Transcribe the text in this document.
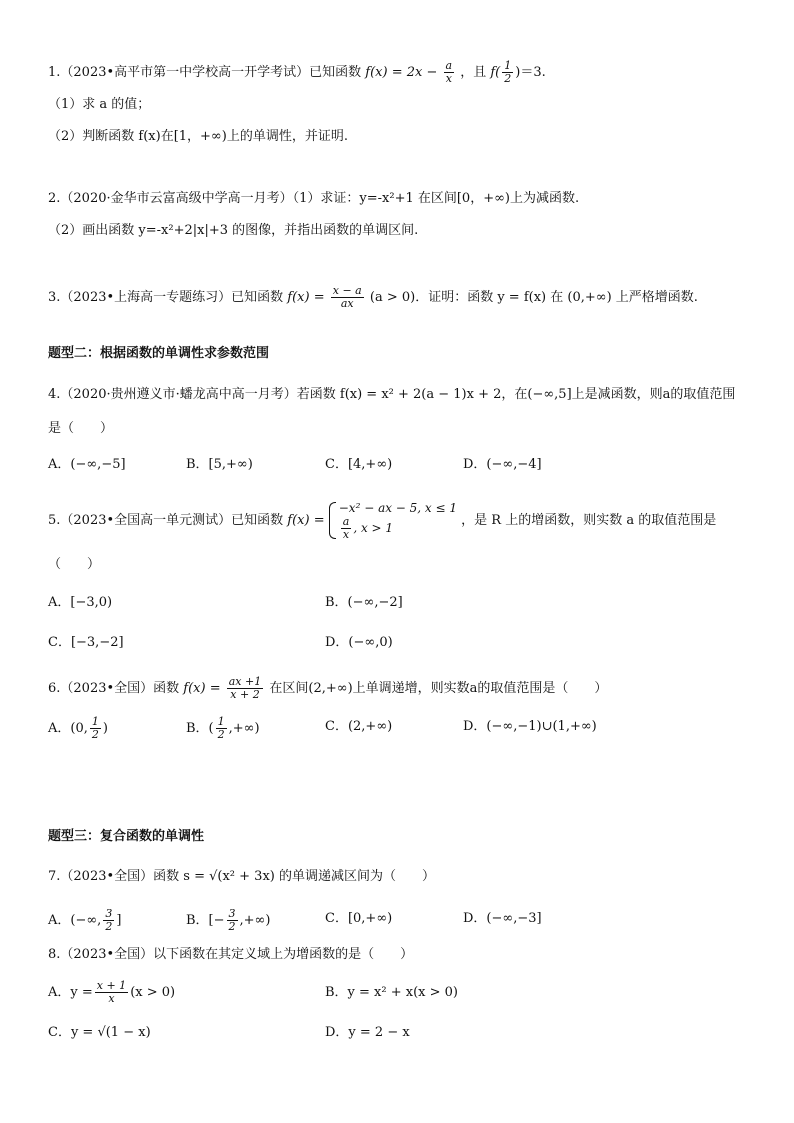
1.（2023•高平市第一中学校高一开学考试）已知函数 $f(x) = 2x - \frac{a}{x}$ ，且 $f( \frac{1}{2} )=3$.
（1）求 a 的值；
（2）判断函数 f(x)在[1，+∞)上的单调性，并证明.
2.（2020·金华市云富高级中学高一月考）（1）求证：y=-x²+1 在区间[0，+∞)上为减函数.
（2）画出函数 y=-x²+2|x|+3 的图像，并指出函数的单调区间.
3.（2023•上海高一专题练习）已知函数 $f(x) = \frac{x - a}{ax} (a > 0)$．证明：函数 y = f(x) 在 (0,+∞) 上严格增函数.
题型二：根据函数的单调性求参数范围
4.（2020·贵州遵义市·蟠龙高中高一月考）若函数 f(x) = x² + 2(a − 1)x + 2，在(−∞,5]上是减函数，则a的取值范围
是（　　）
A．(−∞,−5]	B．[5,+∞)	C．[4,+∞)	D．(−∞,−4]
5.（2023•全国高一单元测试）已知函数 f(x) =
−x² − ax − 5, x ≤ 1
$\frac{a}{x}$ , x > 1	，是 R 上的增函数，则实数 a 的取值范围是
（　　）
A．[−3,0)	B．(−∞,−2]
C．[−3,−2]	D．(−∞,0)
6.（2023•全国）函数 $f(x) = \frac{ax +1}{x + 2}$ 在区间(2,+∞)上单调递增，则实数a的取值范围是（　　）
A．(0, $\frac{1}{2}$ )	B．( $\frac{1}{2}$ ,+∞)	C．(2,+∞)	D．(−∞,−1)∪(1,+∞)
题型三：复合函数的单调性
7.（2023•全国）函数 s = √(x² + 3x) 的单调递减区间为（　　）
A．(−∞, $\frac{3}{2}$ ]	B．[− $\frac{3}{2}$ ,+∞)	C．[0,+∞)	D．(−∞,−3]
8.（2023•全国）以下函数在其定义域上为增函数的是（　　）
A．$y = \frac{x + 1}{x} (x > 0)$	B．y = x² + x(x > 0)
C．y = √(1 − x)	D．y = 2 − x
